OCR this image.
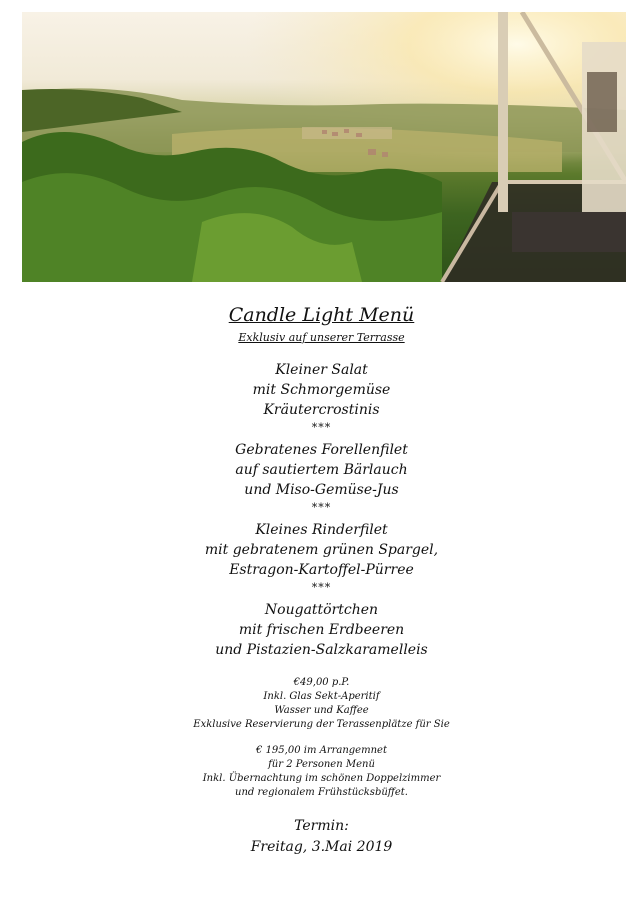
Candle Light Menü
Exklusiv auf unserer Terrasse
Kleiner Salat
mit Schmorgemüse
Kräutercrostinis
***
Gebratenes Forellenfilet
auf sautiertem Bärlauch
und Miso-Gemüse-Jus
***
Kleines Rinderfilet
mit gebratenem grünen Spargel,
Estragon-Kartoffel-Pürree
***
Nougattörtchen
mit frischen Erdbeeren
und Pistazien-Salzkaramelleis
€49,00 p.P.
Inkl. Glas Sekt-Aperitif
Wasser und Kaffee
Exklusive Reservierung der Terassenplätze für Sie
€ 195,00 im Arrangemnet
für 2 Personen Menü
Inkl. Übernachtung im schönen Doppelzimmer
und regionalem Frühstücksbüffet.
Termin:
Freitag, 3.Mai 2019
